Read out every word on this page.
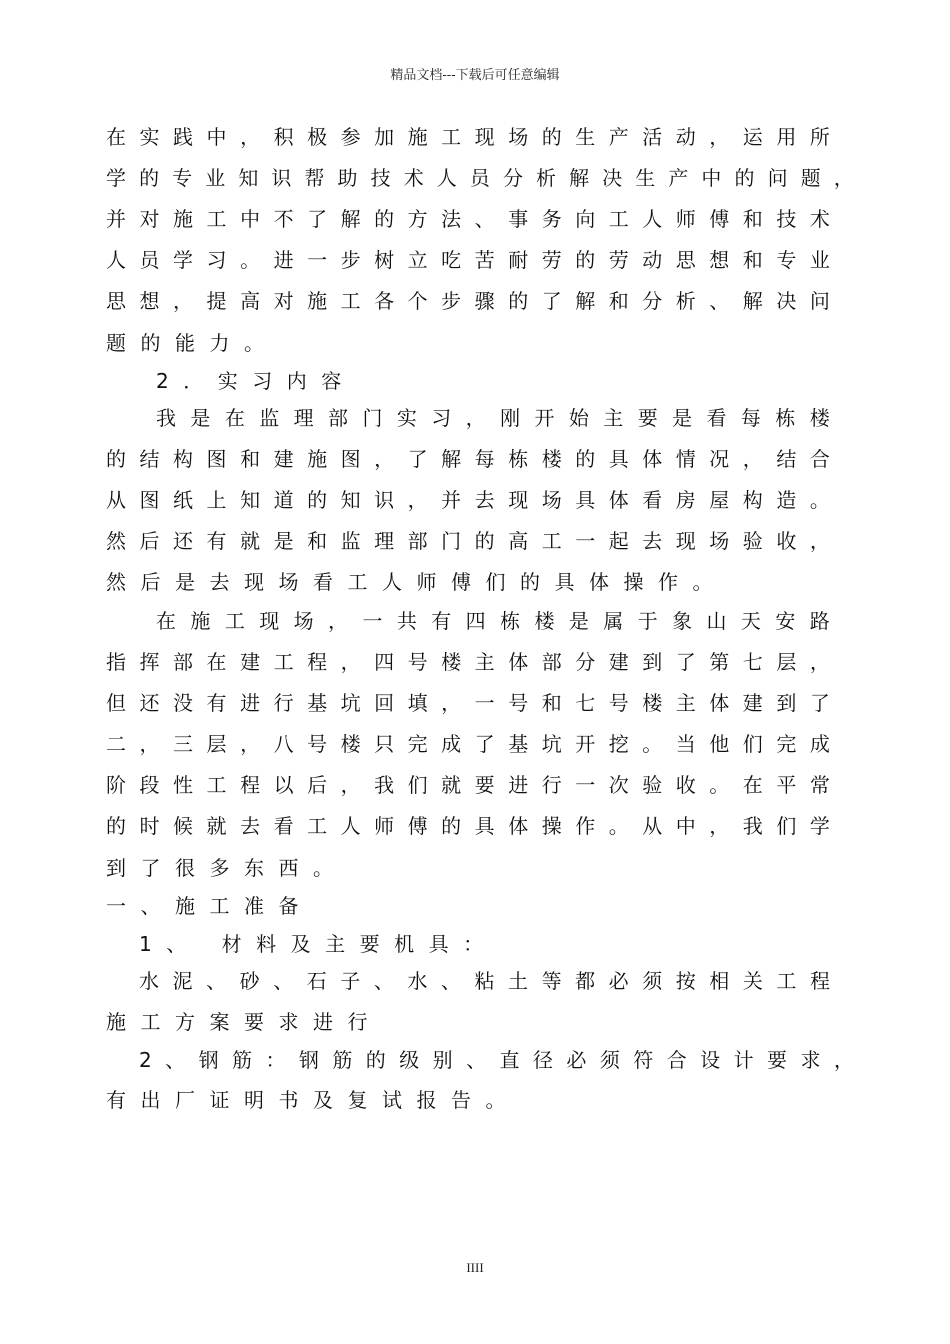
精品文档---下载后可任意编辑
在 实 践 中 ， 积 极 参 加 施 工 现 场 的 生 产 活 动 ， 运 用 所
学 的 专 业 知 识 帮 助 技 术 人 员 分 析 解 决 生 产 中 的 问 题 ，
并 对 施 工 中 不 了 解 的 方 法 、 事 务 向 工 人 师 傅 和 技 术
人 员 学 习 。 进 一 步 树 立 吃 苦 耐 劳 的 劳 动 思 想 和 专 业
思 想 ， 提 高 对 施 工 各 个 步 骤 的 了 解 和 分 析 、 解 决 问
题的能力。
2．实习内容
我 是 在 监 理 部 门 实 习 ， 刚 开 始 主 要 是 看 每 栋 楼
的 结 构 图 和 建 施 图 ， 了 解 每 栋 楼 的 具 体 情 况 ， 结 合
从 图 纸 上 知 道 的 知 识 ， 并 去 现 场 具 体 看 房 屋 构 造 。
然 后 还 有 就 是 和 监 理 部 门 的 高 工 一 起 去 现 场 验 收 ，
然后是去现场看工人师傅们的具体操作。
在 施 工 现 场 ， 一 共 有 四 栋 楼 是 属 于 象 山 天 安 路
指 挥 部 在 建 工 程 ， 四 号 楼 主 体 部 分 建 到 了 第 七 层 ，
但 还 没 有 进 行 基 坑 回 填 ， 一 号 和 七 号 楼 主 体 建 到 了
二 ， 三 层 ， 八 号 楼 只 完 成 了 基 坑 开 挖 。 当 他 们 完 成
阶 段 性 工 程 以 后 ， 我 们 就 要 进 行 一 次 验 收 。 在 平 常
的 时 候 就 去 看 工 人 师 傅 的 具 体 操 作 。 从 中 ， 我 们 学
到了很多东西。
一、施工准备
1、 材料及主要机具：
水 泥 、 砂 、 石 子 、 水 、 粘 土 等 都 必 须 按 相 关 工 程
施工方案要求进行
2 、 钢 筋 ： 钢 筋 的 级 别 、 直 径 必 须 符 合 设 计 要 求 ，
有出厂证明书及复试报告。
IIII
